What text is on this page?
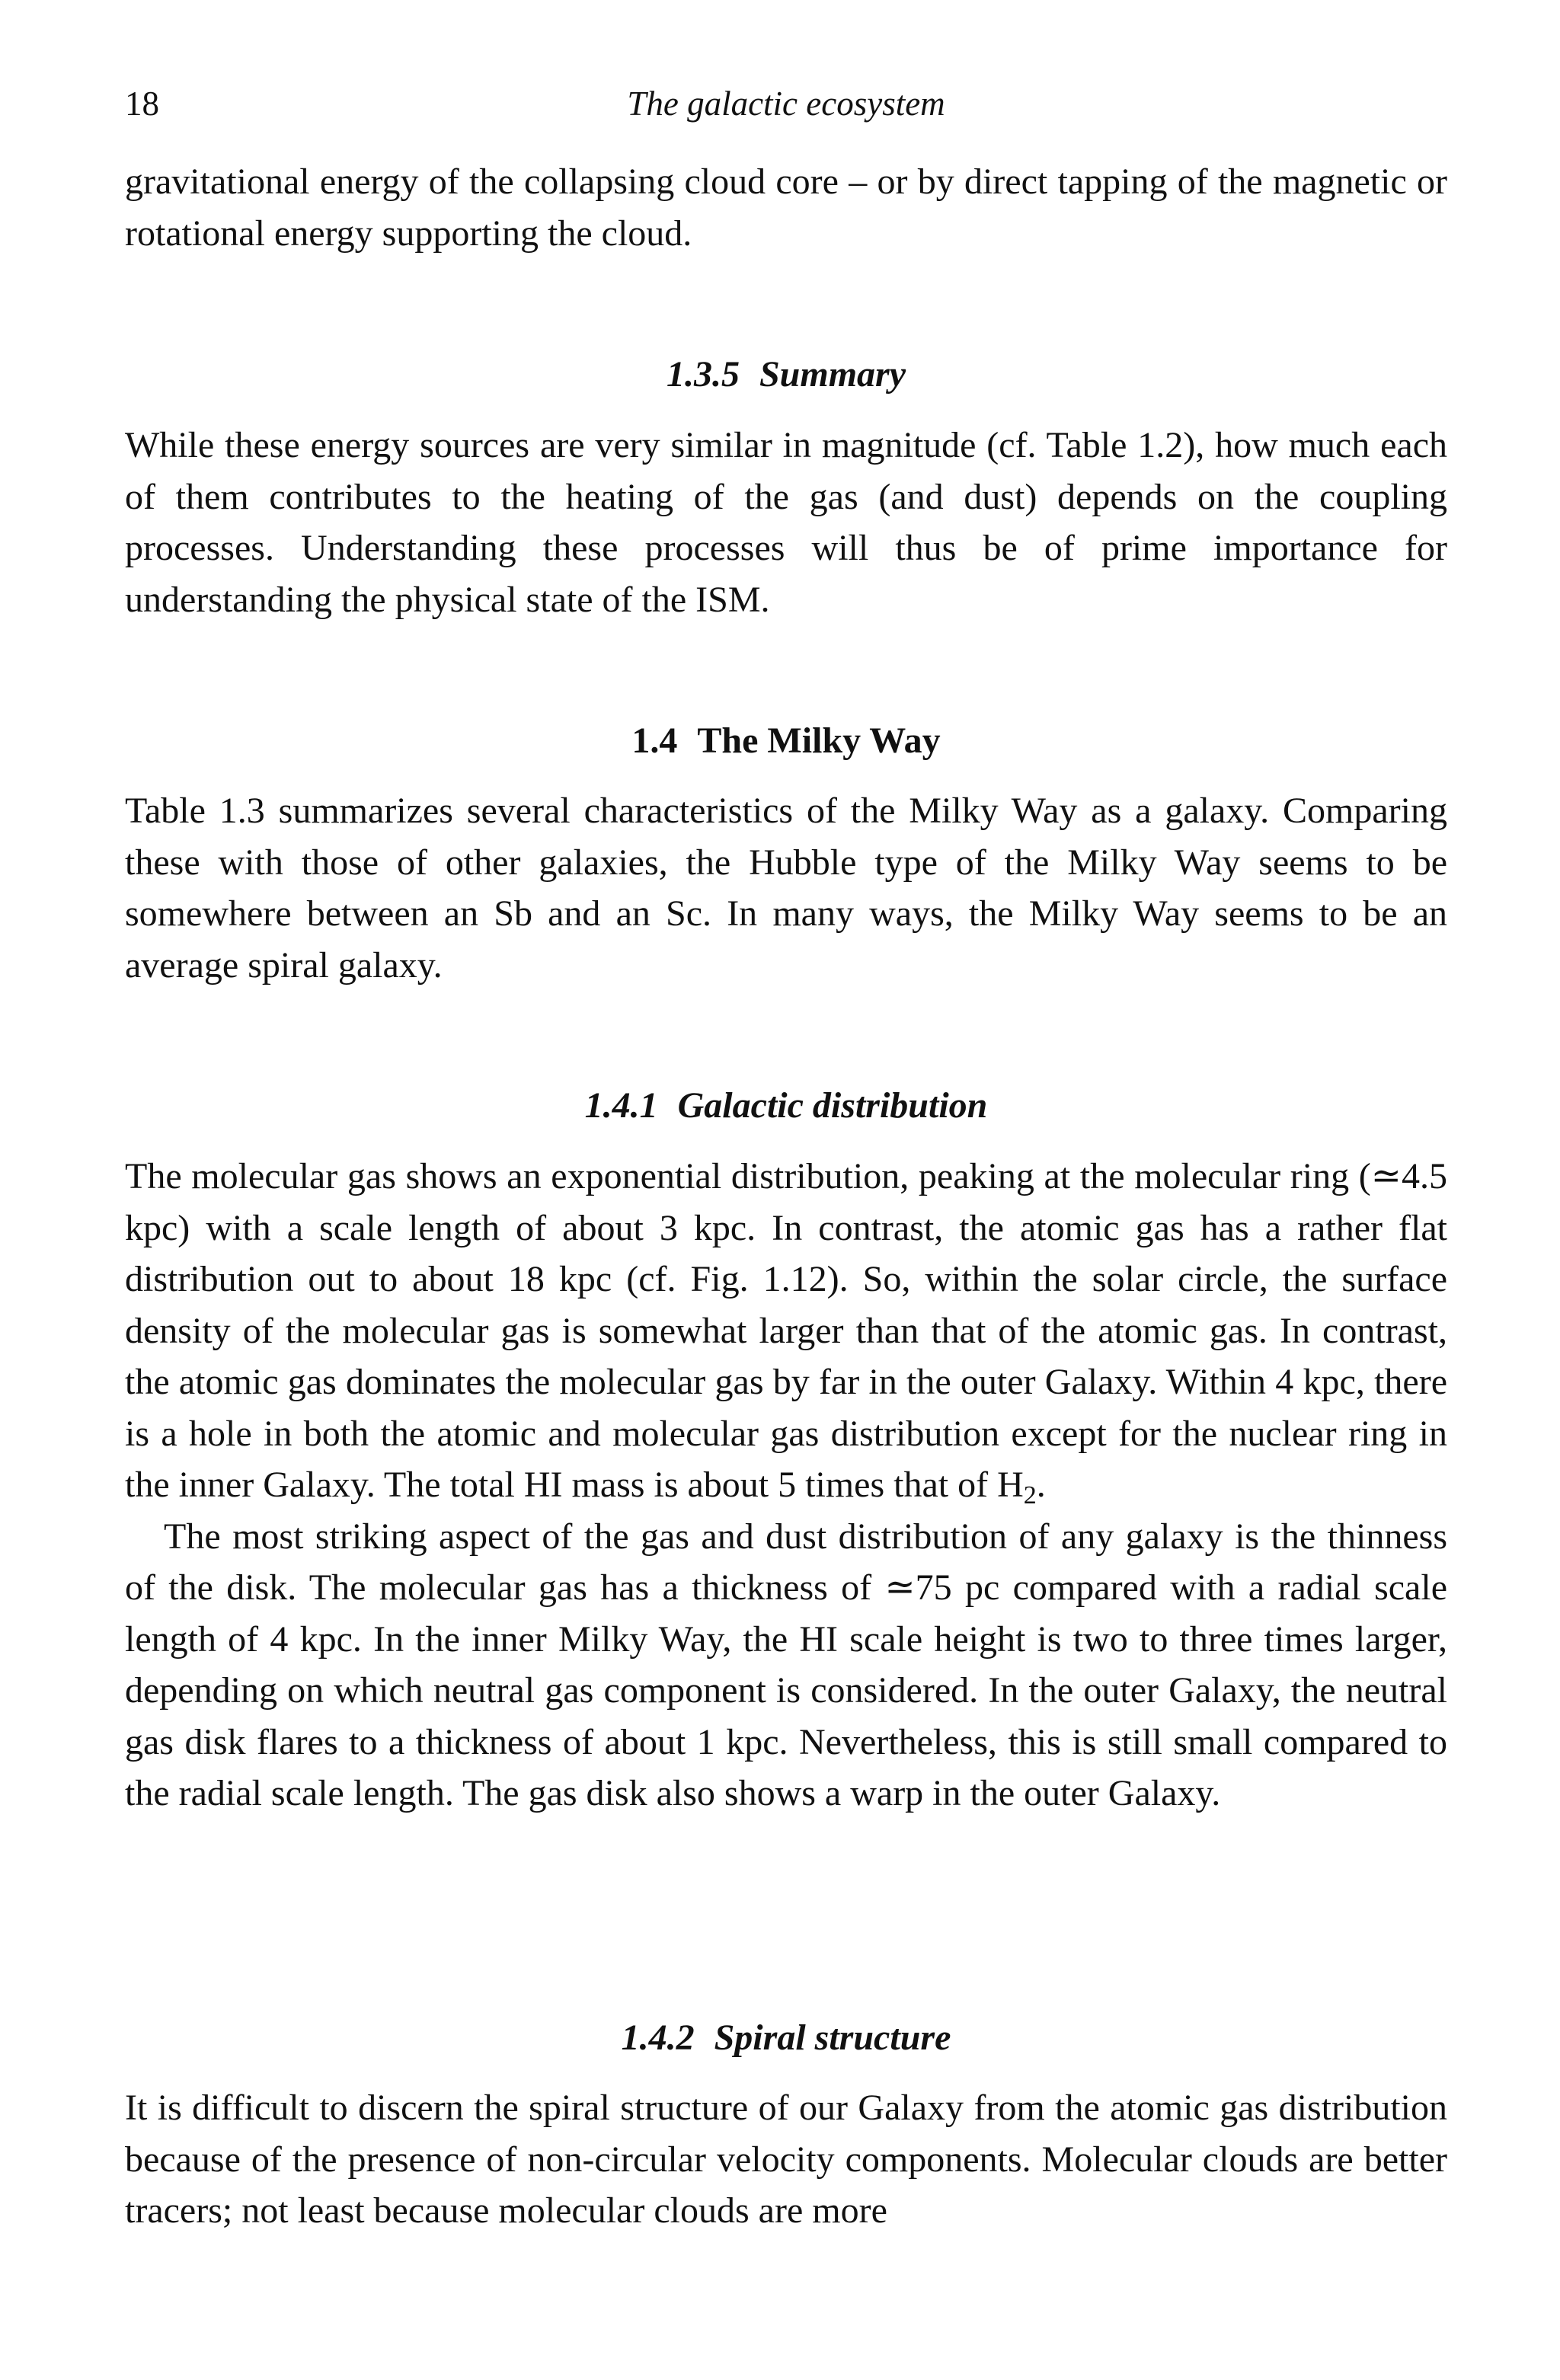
18	The galactic ecosystem

gravitational energy of the collapsing cloud core – or by direct tapping of the magnetic or rotational energy supporting the cloud.

1.3.5 Summary

While these energy sources are very similar in magnitude (cf. Table 1.2), how much each of them contributes to the heating of the gas (and dust) depends on the coupling processes. Understanding these processes will thus be of prime importance for understanding the physical state of the ISM.

1.4 The Milky Way

Table 1.3 summarizes several characteristics of the Milky Way as a galaxy. Comparing these with those of other galaxies, the Hubble type of the Milky Way seems to be somewhere between an Sb and an Sc. In many ways, the Milky Way seems to be an average spiral galaxy.

1.4.1 Galactic distribution

The molecular gas shows an exponential distribution, peaking at the molecular ring (≃4.5 kpc) with a scale length of about 3 kpc. In contrast, the atomic gas has a rather flat distribution out to about 18 kpc (cf. Fig. 1.12). So, within the solar circle, the surface density of the molecular gas is somewhat larger than that of the atomic gas. In contrast, the atomic gas dominates the molecular gas by far in the outer Galaxy. Within 4 kpc, there is a hole in both the atomic and molecular gas distribution except for the nuclear ring in the inner Galaxy. The total HI mass is about 5 times that of $H_2$.

The most striking aspect of the gas and dust distribution of any galaxy is the thinness of the disk. The molecular gas has a thickness of ≃75 pc compared with a radial scale length of 4 kpc. In the inner Milky Way, the HI scale height is two to three times larger, depending on which neutral gas component is considered. In the outer Galaxy, the neutral gas disk flares to a thickness of about 1 kpc. Nevertheless, this is still small compared to the radial scale length. The gas disk also shows a warp in the outer Galaxy.

1.4.2 Spiral structure

It is difficult to discern the spiral structure of our Galaxy from the atomic gas distribution because of the presence of non-circular velocity components. Molecular clouds are better tracers; not least because molecular clouds are more
